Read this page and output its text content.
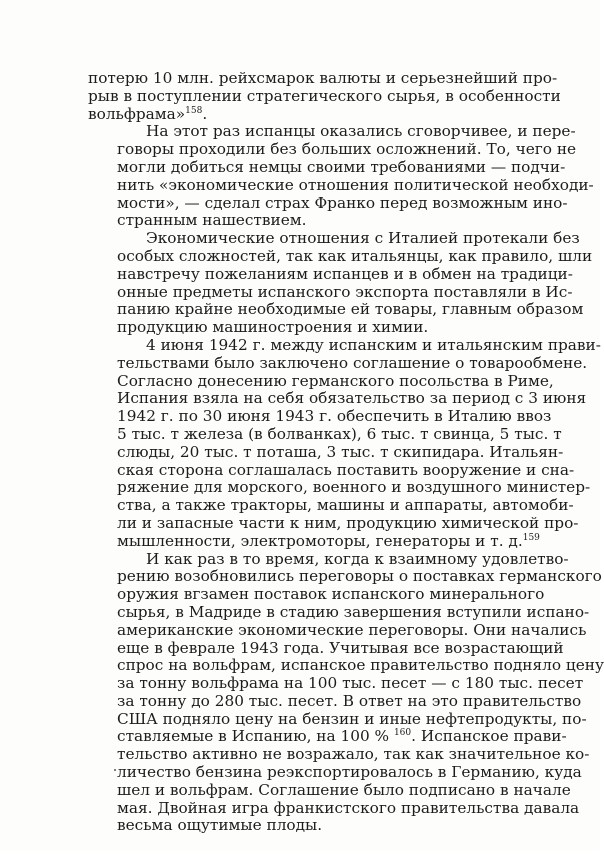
потерю 10 млн. рейхсмарок валюты и серьезнейший про-
рыв в поступлении стратегического сырья, в особенности
вольфрама»$^{158}$.

На этот раз испанцы оказались сговорчивее, и пере-
говоры проходили без больших осложнений. То, чего не
могли добиться немцы своими требованиями — подчи-
нить «экономические отношения политической необходи-
мости», — сделал страх Франко перед возможным ино-
странным нашествием.

Экономические отношения с Италией протекали без
особых сложностей, так как итальянцы, как правило, шли
навстречу пожеланиям испанцев и в обмен на традици-
онные предметы испанского экспорта поставляли в Ис-
панию крайне необходимые ей товары, главным образом
продукцию машиностроения и химии.

4 июня 1942 г. между испанским и итальянским прави-
тельствами было заключено соглашение о товарообмене.
Согласно донесению германского посольства в Риме,
Испания взяла на себя обязательство за период с 3 июня
1942 г. по 30 июня 1943 г. обеспечить в Италию ввоз
5 тыс. т железа (в болванках), 6 тыс. т свинца, 5 тыс. т
слюды, 20 тыс. т поташа, 3 тыс. т скипидара. Итальян-
ская сторона соглашалась поставить вооружение и сна-
ряжение для морского, военного и воздушного министер-
ства, а также тракторы, машины и аппараты, автомоби-
ли и запасные части к ним, продукцию химической про-
мышленности, электромоторы, генераторы и т. д.$^{159}$

И как раз в то время, когда к взаимному удовлетво-
рению возобновились переговоры о поставках германского
оружия вгзамен поставок испанского минерального
сырья, в Мадриде в стадию завершения вступили испано-
американские экономические переговоры. Они начались
еще в феврале 1943 года. Учитывая все возрастающий
спрос на вольфрам, испанское правительство подняло цену
за тонну вольфрама на 100 тыс. песет — с 180 тыс. песет
за тонну до 280 тыс. песет. В ответ на это правительство
США подняло цену на бензин и иные нефтепродукты, по-
ставляемые в Испанию, на 100 % $^{160}$. Испанское прави-
тельство активно не возражало, так как значительное ко-
личество бензина реэкспортировалось в Германию, куда
шел и вольфрам. Соглашение было подписано в начале
мая. Двойная игра франкистского правительства давала
весьма ощутимые плоды.
